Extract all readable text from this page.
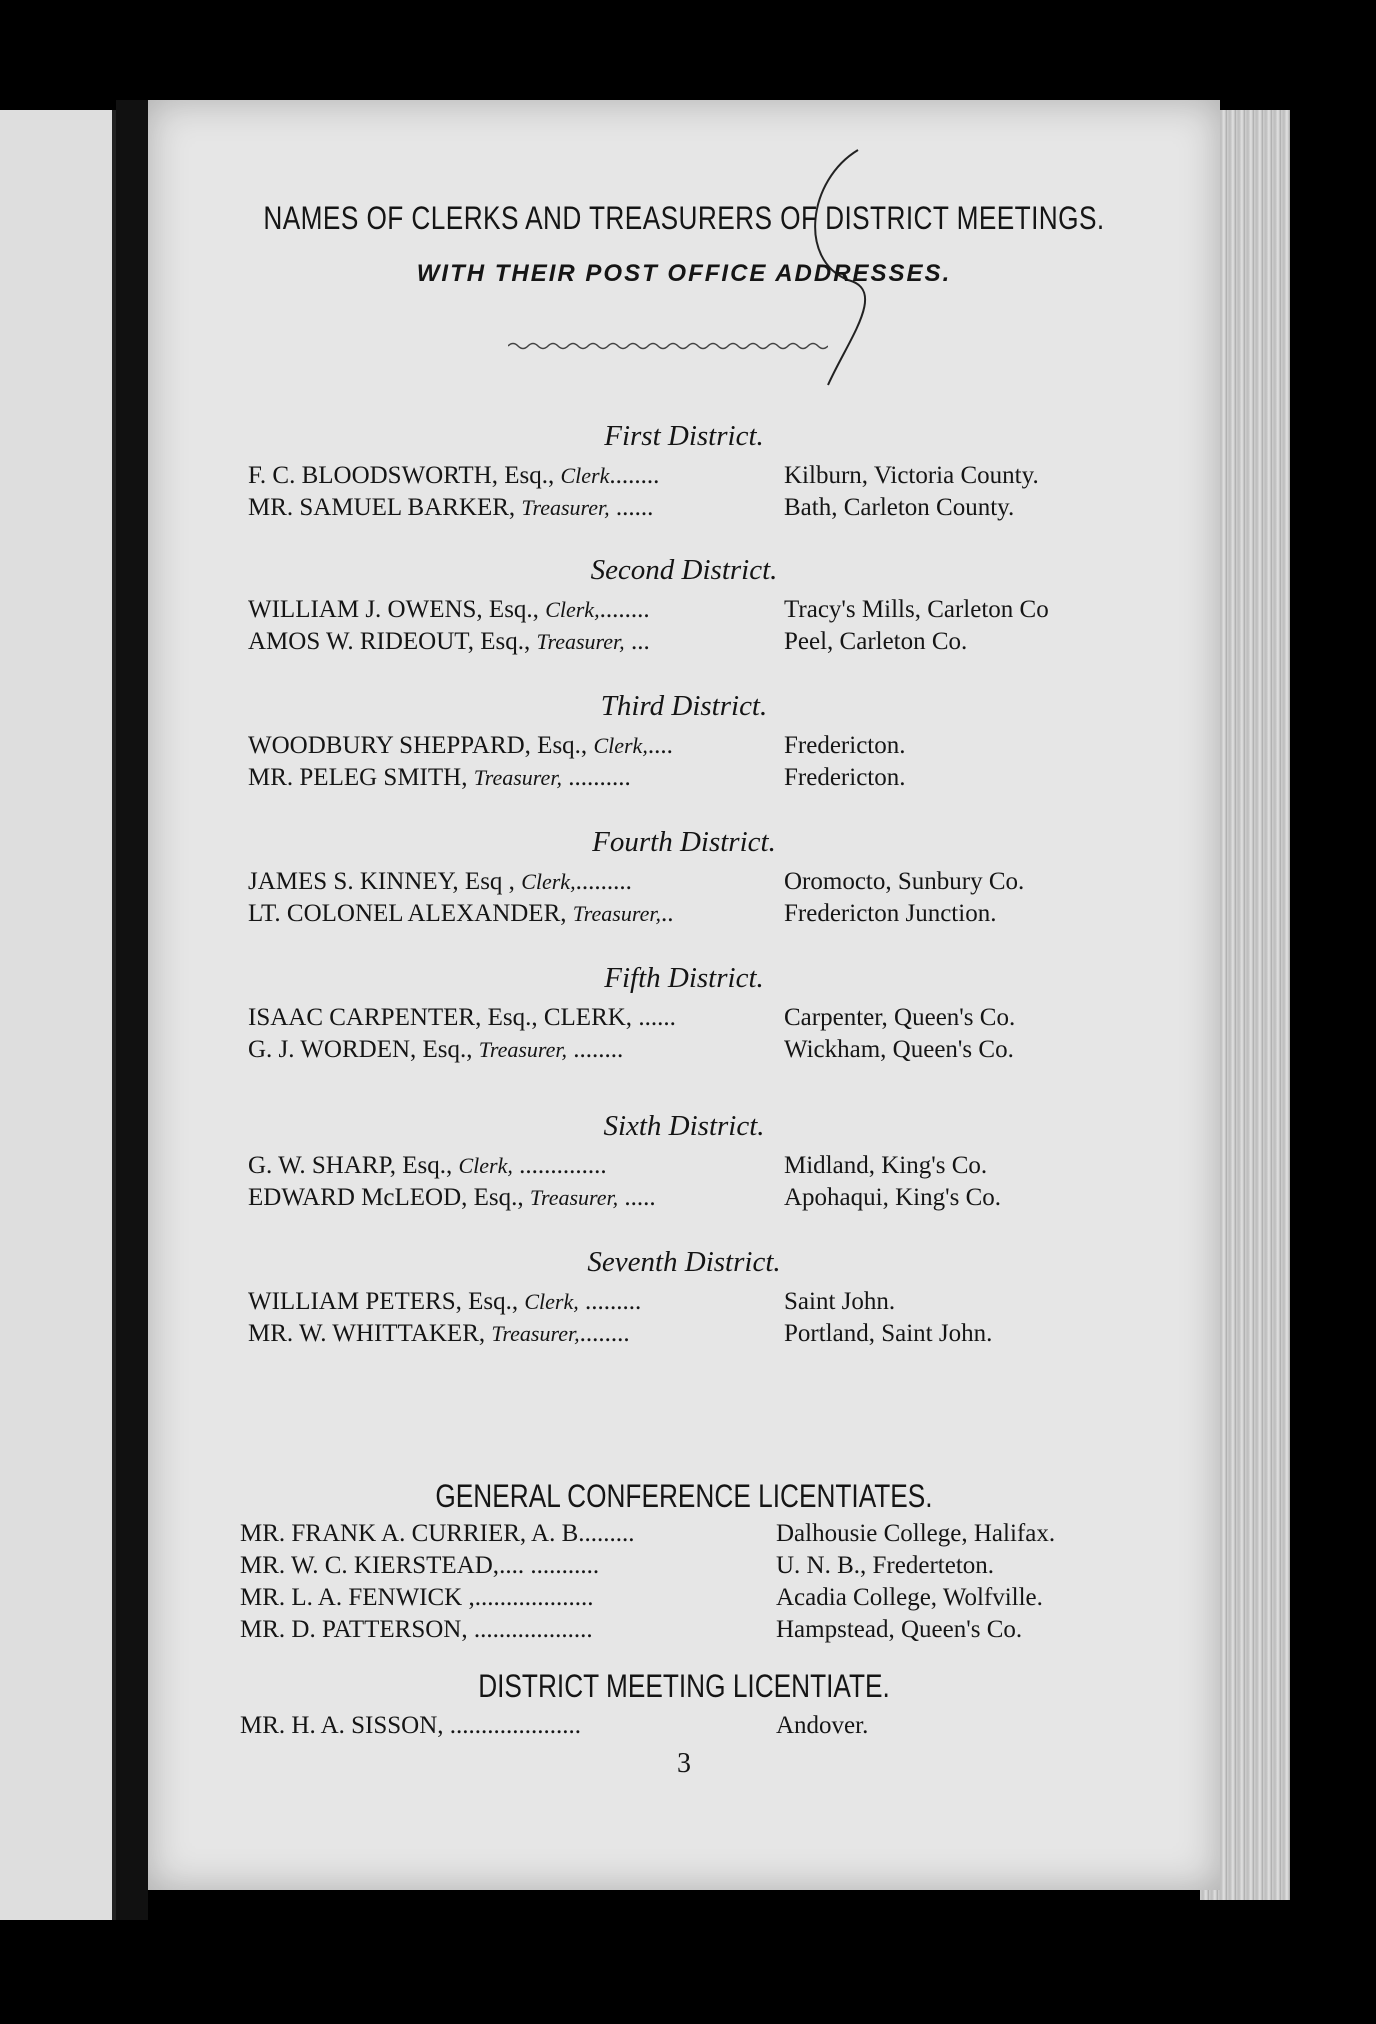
NAMES OF CLERKS AND TREASURERS OF DISTRICT MEETINGS.
WITH THEIR POST OFFICE ADDRESSES.
First District.
F. C. BLOODSWORTH, Esq., Clerk........	Kilburn, Victoria County.
MR. SAMUEL BARKER, Treasurer, ......	Bath, Carleton County.
Second District.
WILLIAM J. OWENS, Esq., Clerk,........	Tracy's Mills, Carleton Co
AMOS W. RIDEOUT, Esq., Treasurer, ...	Peel, Carleton Co.
Third District.
WOODBURY SHEPPARD, Esq., Clerk,....	Fredericton.
MR. PELEG SMITH, Treasurer, ..........	Fredericton.
Fourth District.
JAMES S. KINNEY, Esq , Clerk,.........	Oromocto, Sunbury Co.
LT. COLONEL ALEXANDER, Treasurer,..	Fredericton Junction.
Fifth District.
ISAAC CARPENTER, Esq., CLERK, ......	Carpenter, Queen's Co.
G. J. WORDEN, Esq., Treasurer, ........	Wickham, Queen's Co.
Sixth District.
G. W. SHARP, Esq., Clerk, ..............	Midland, King's Co.
EDWARD McLEOD, Esq., Treasurer, .....	Apohaqui, King's Co.
Seventh District.
WILLIAM PETERS, Esq., Clerk, .........	Saint John.
MR. W. WHITTAKER, Treasurer,........	Portland, Saint John.
GENERAL CONFERENCE LICENTIATES.
MR. FRANK A. CURRIER, A. B.........	Dalhousie College, Halifax.
MR. W. C. KIERSTEAD,.... ...........	U. N. B., Frederteton.
MR. L. A. FENWICK ,...................	Acadia College, Wolfville.
MR. D. PATTERSON, ...................	Hampstead, Queen's Co.
DISTRICT MEETING LICENTIATE.
MR. H. A. SISSON, .....................	Andover.
3
